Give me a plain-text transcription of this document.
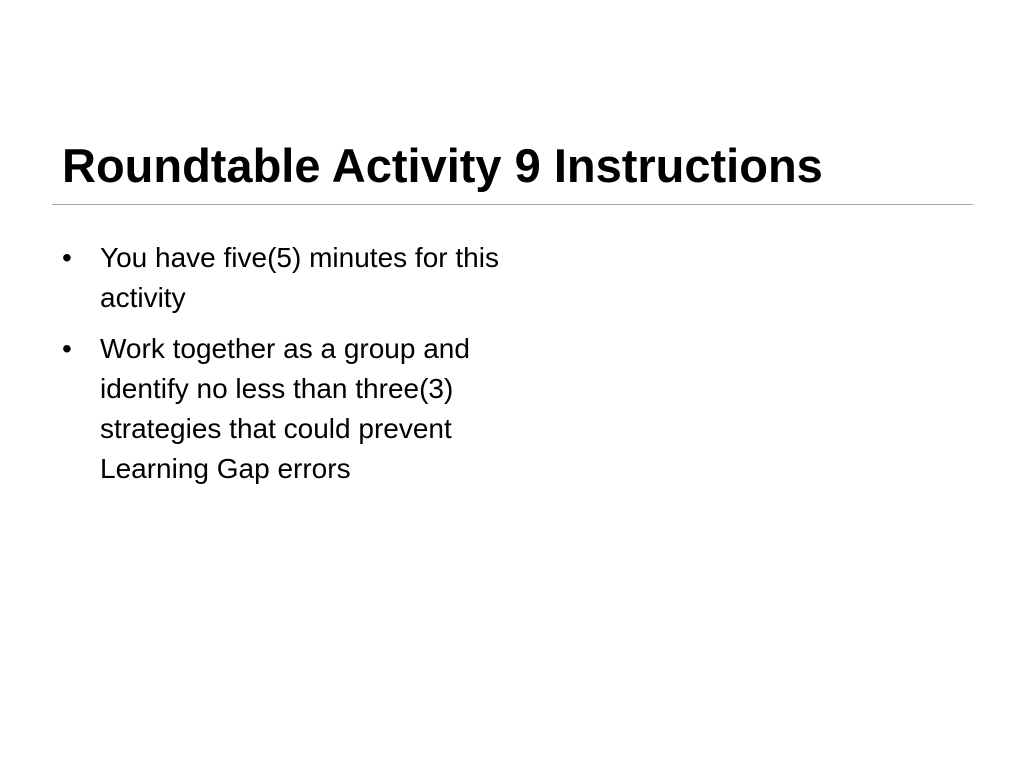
Roundtable Activity 9 Instructions
•	You have five(5) minutes for this activity
•	Work together as a group and identify no less than three(3) strategies that could prevent Learning Gap errors
